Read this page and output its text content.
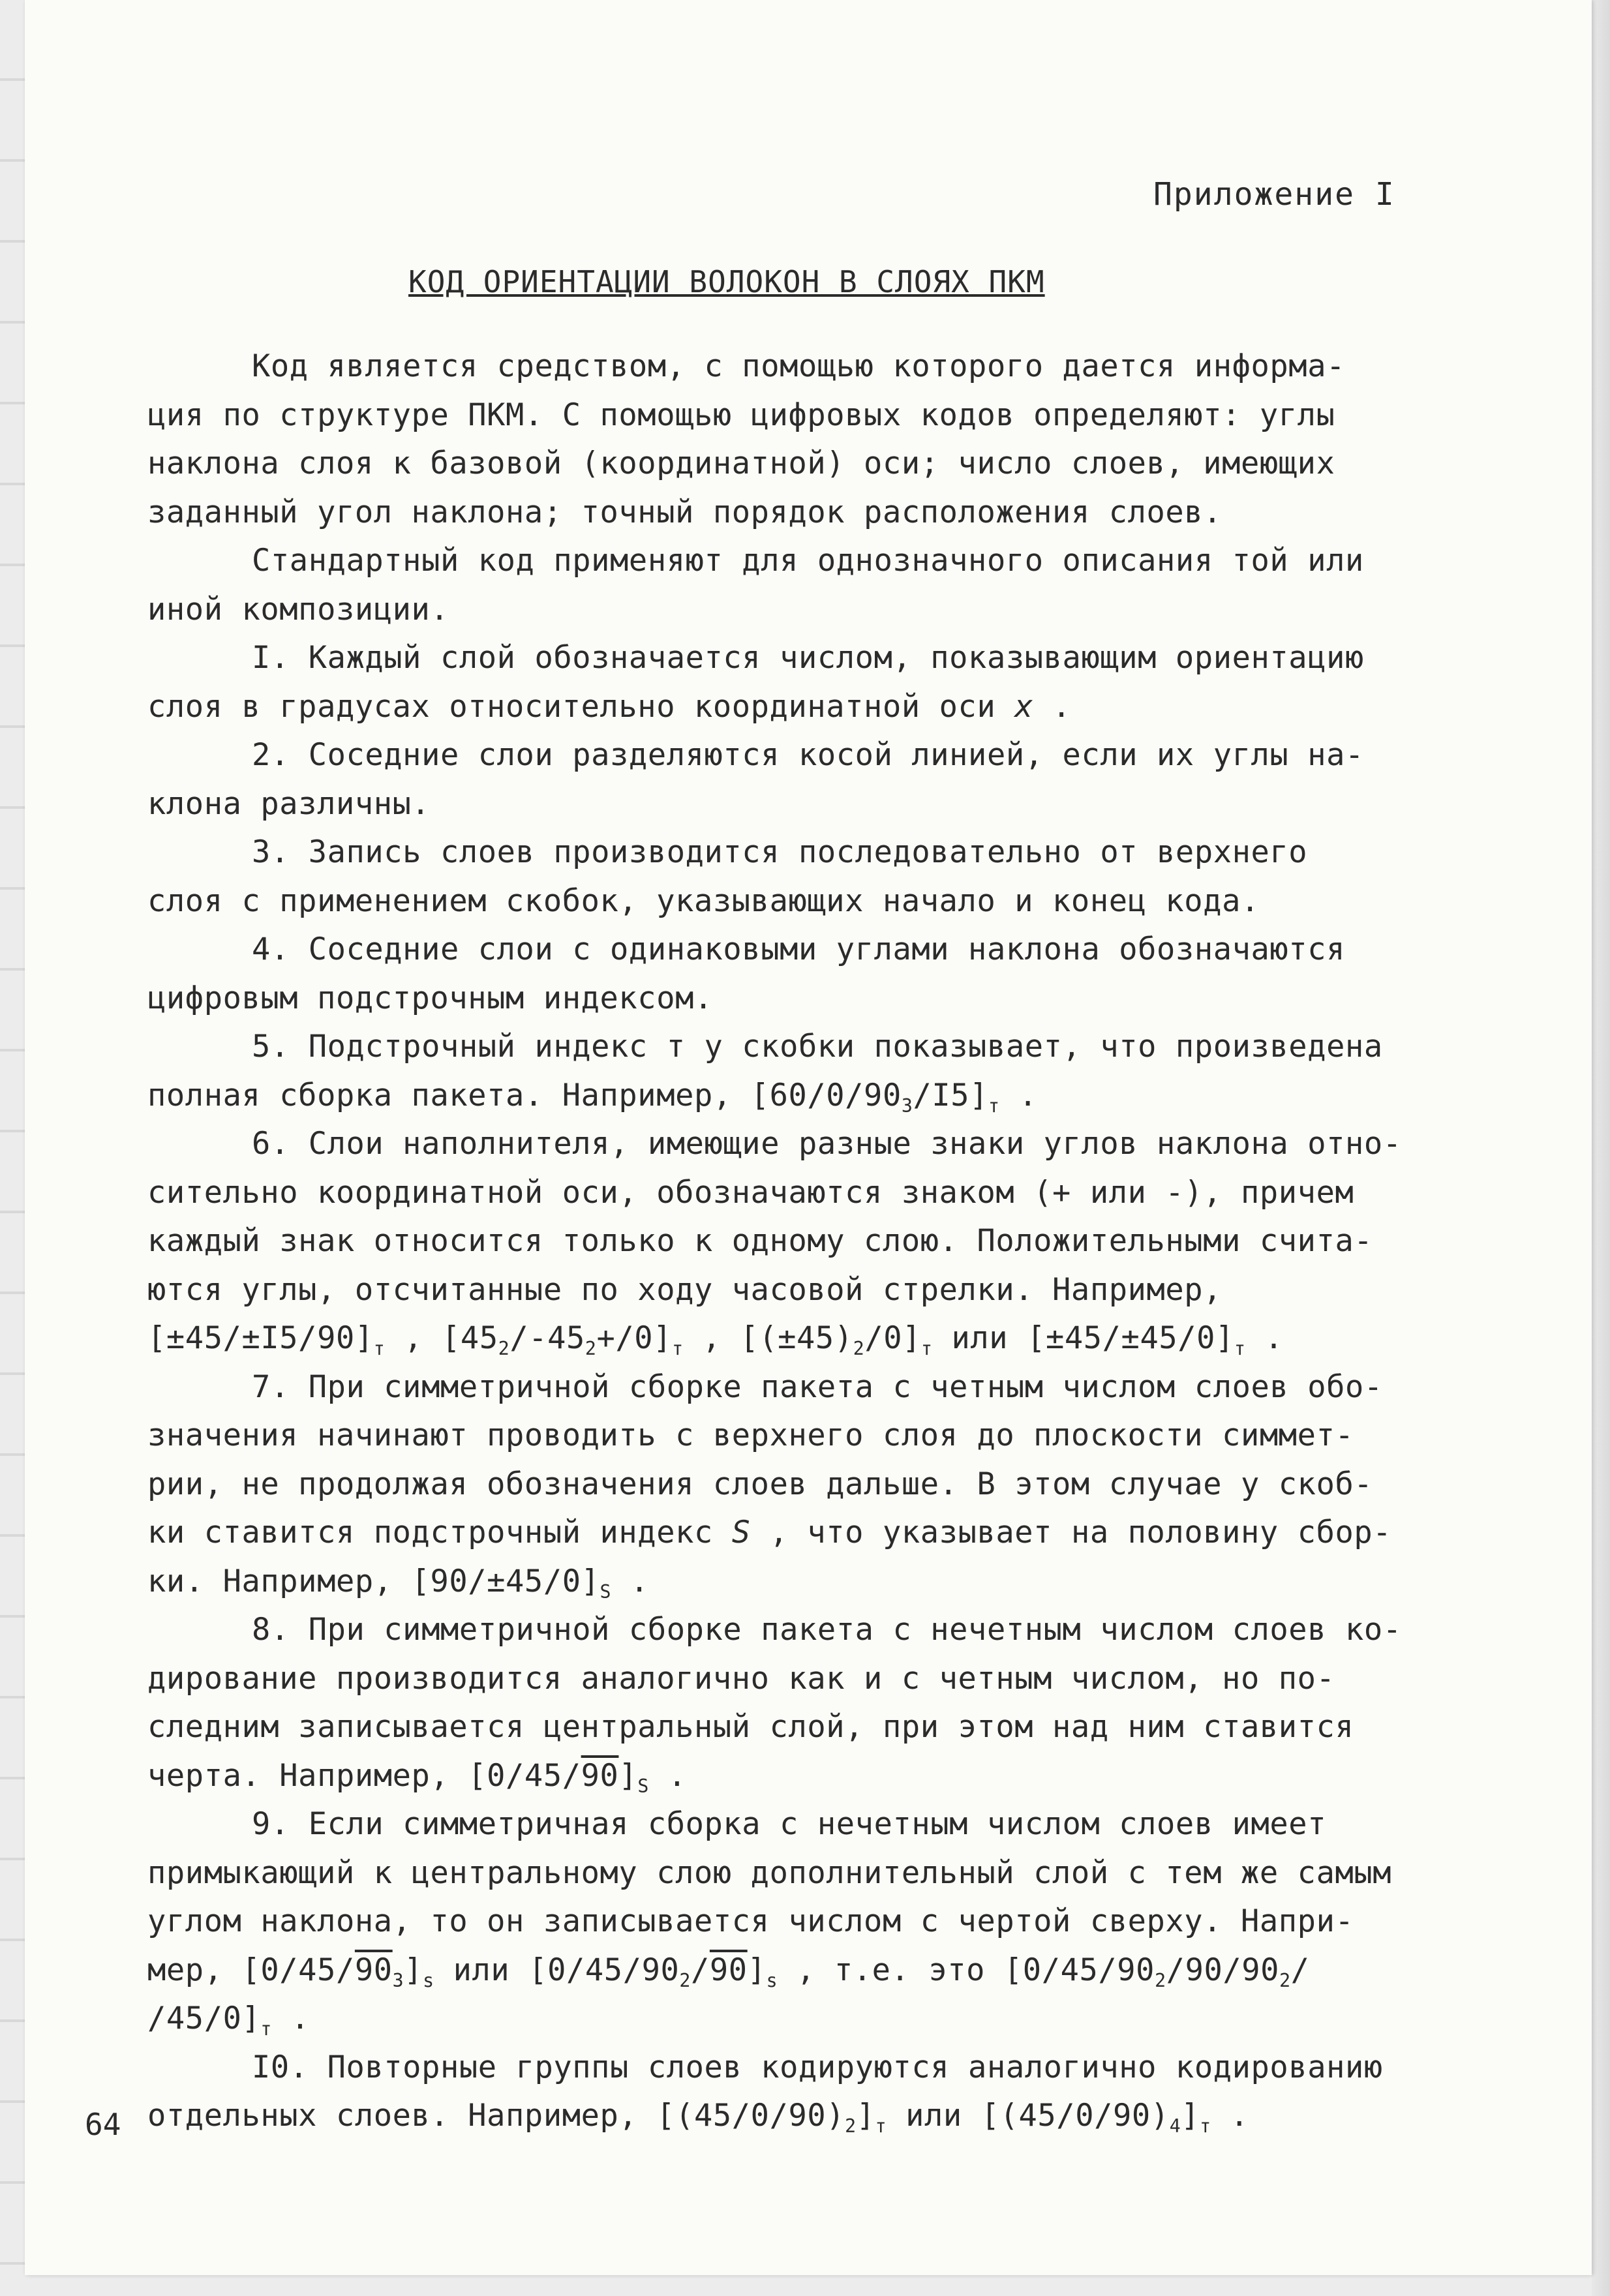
Приложение I
КОД ОРИЕНТАЦИИ ВОЛОКОН В СЛОЯХ ПКМ
Код является средством, с помощью которого дается информа-
ция по структуре ПКМ. С помощью цифровых кодов определяют: углы
наклона слоя к базовой (координатной) оси; число слоев, имеющих
заданный угол наклона; точный порядок расположения слоев.
Стандартный код применяют для однозначного описания той или
иной композиции.
I. Каждый слой обозначается числом, показывающим ориентацию
слоя в градусах относительно координатной оси x .
2. Соседние слои разделяются косой линией, если их углы на-
клона различны.
3. Запись слоев производится последовательно от верхнего
слоя с применением скобок, указывающих начало и конец кода.
4. Соседние слои с одинаковыми углами наклона обозначаются
цифровым подстрочным индексом.
5. Подстрочный индекс т у скобки показывает, что произведена
полная сборка пакета. Например, $[60/0/90_3/I5]_т$ .
6. Слои наполнителя, имеющие разные знаки углов наклона отно-
сительно координатной оси, обозначаются знаком (+ или -), причем
каждый знак относится только к одному слою. Положительными счита-
ются углы, отсчитанные по ходу часовой стрелки. Например,
$[\pm 45/\pm I5/90]_т$ , $[45_2/-45_2+/0]_т$ , $[(\pm 45)_2/0]_т$ или $[\pm 45/\pm 45/0]_т$ .
7. При симметричной сборке пакета с четным числом слоев обо-
значения начинают проводить с верхнего слоя до плоскости симмет-
рии, не продолжая обозначения слоев дальше. В этом случае у скоб-
ки ставится подстрочный индекс S , что указывает на половину сбор-
ки. Например, $[90/\pm 45/0]_S$ .
8. При симметричной сборке пакета с нечетным числом слоев ко-
дирование производится аналогично как и с четным числом, но по-
следним записывается центральный слой, при этом над ним ставится
черта. Например, $[0/45/90]_S$ .
9. Если симметричная сборка с нечетным числом слоев имеет
примыкающий к центральному слою дополнительный слой с тем же самым
углом наклона, то он записывается числом с чертой сверху. Напри-
мер, $[0/45/90_3]_s$ или $[0/45/90_2/90]_s$ , т.е. это [$0/45/90_2/90/90_2/$
$/45/0]_т$ .
I0. Повторные группы слоев кодируются аналогично кодированию
отдельных слоев. Например, $[(45/0/90)_2]_т$ или $[(45/0/90)_4]_т$ .
64
